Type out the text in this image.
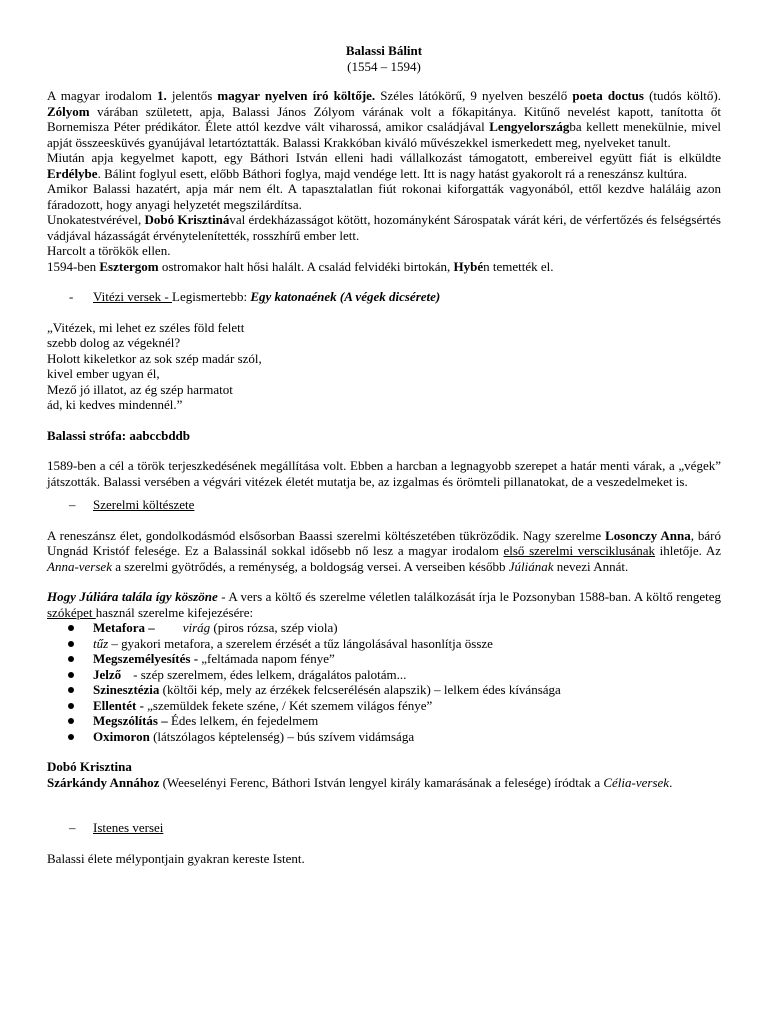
Balassi Bálint

(1554 – 1594)

A magyar irodalom 1. jelentős magyar nyelven író költője. Széles látókörű, 9 nyelven beszélő poeta doctus (tudós költő). Zólyom várában született, apja, Balassi János Zólyom várának volt a főkapitánya. Kitűnő nevelést kapott, tanította őt Bornemisza Péter prédikátor. Élete attól kezdve vált viharossá, amikor családjával Lengyelországba kellett menekülnie, mivel apját összeesküvés gyanújával letartóztatták. Balassi Krakkóban kiváló művészekkel ismerkedett meg, nyelveket tanult.

Miután apja kegyelmet kapott, egy Báthori István elleni hadi vállalkozást támogatott, embereivel együtt fiát is elküldte Erdélybe. Bálint foglyul esett, előbb Báthori foglya, majd vendége lett. Itt is nagy hatást gyakorolt rá a reneszánsz kultúra.

Amikor Balassi hazatért, apja már nem élt. A tapasztalatlan fiút rokonai kiforgatták vagyonából, ettől kezdve haláláig azon fáradozott, hogy anyagi helyzetét megszilárdítsa.

Unokatestvérével, Dobó Krisztinával érdekházasságot kötött, hozományként Sárospatak várát kéri, de vérfertőzés és felségsértés vádjával házasságát érvénytelenítették, rosszhírű ember lett.

Harcolt a törökök ellen.

1594-ben Esztergom ostromakor halt hősi halált. A család felvidéki birtokán, Hybén temették el.

-	Vitézi versek - Legismertebb: Egy katonaének (A végek dicsérete)

„Vitézek, mi lehet ez széles föld felett

szebb dolog az végeknél?

Holott kikeletkor az sok szép madár szól,

kivel ember ugyan él,

Mező jó illatot, az ég szép harmatot

ád, ki kedves mindennél.”

Balassi strófa: aabccbddb

1589-ben a cél a török terjeszkedésének megállítása volt. Ebben a harcban a legnagyobb szerepet a határ menti várak, a „végek” játszották. Balassi versében a végvári vitézek életét mutatja be, az izgalmas és örömteli pillanatokat, de a veszedelmeket is.

–	Szerelmi költészete

A reneszánsz élet, gondolkodásmód elsősorban Baassi szerelmi költészetében tükröződik. Nagy szerelme Losonczy Anna, báró Ungnád Kristóf felesége. Ez a Balassinál sokkal idősebb nő lesz a magyar irodalom első szerelmi versciklusának ihletője. Az Anna-versek a szerelmi gyötrődés, a reménység, a boldogság versei. A verseiben később Júliának nevezi Annát.

Hogy Júliára talála így köszöne - A vers a költő és szerelme véletlen találkozását írja le Pozsonyban 1588-ban. A költő rengeteg szóképet használ szerelme kifejezésére:

Metafora – virág (piros rózsa, szép viola)
tűz – gyakori metafora, a szerelem érzését a tűz lángolásával hasonlítja össze
Megszemélyesítés - „feltámada napom fénye”
Jelző - szép szerelmem, édes lelkem, drágalátos palotám...
Szinesztézia (költői kép, mely az érzékek felcserélésén alapszik) – lelkem édes kívánsága
Ellentét - „szemüldek fekete széne, / Két szemem világos fénye”
Megszólítás – Édes lelkem, én fejedelmem
Oximoron (látszólagos képtelenség) – bús szívem vidámsága

Dobó Krisztina

Szárkándy Annához (Weeselényi Ferenc, Báthori István lengyel király kamarásának a felesége) íródtak a Célia-versek.

–	Istenes versei

Balassi élete mélypontjain gyakran kereste Istent.
